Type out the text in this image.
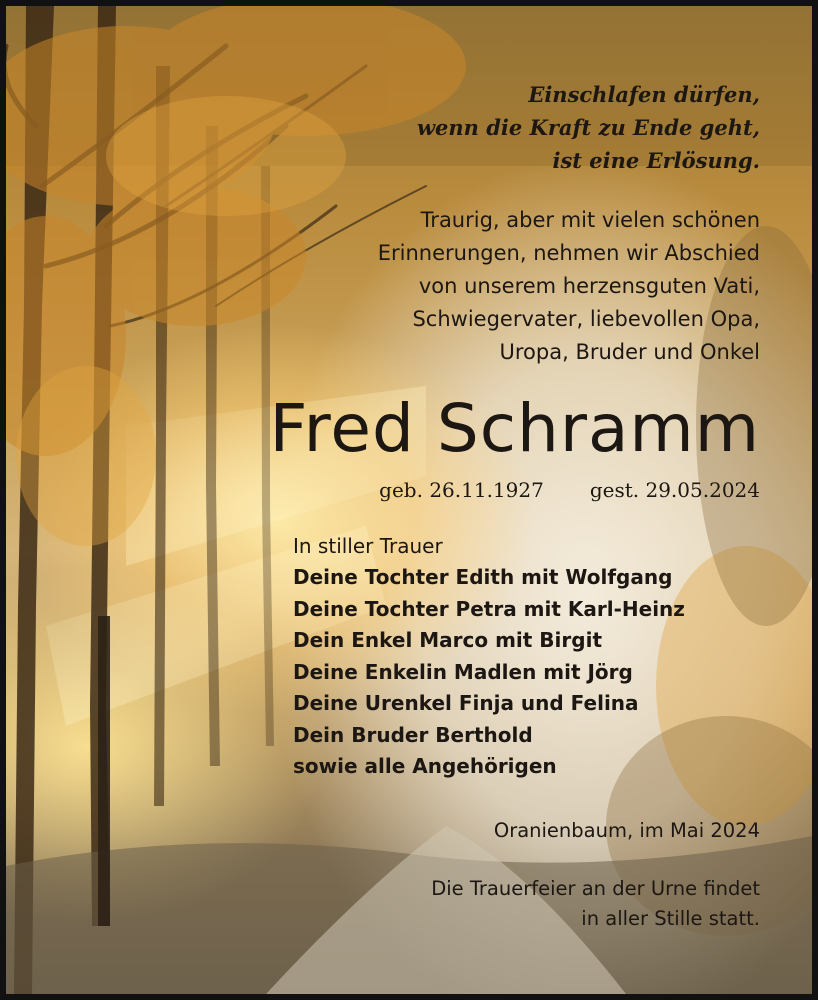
Einschlafen dürfen,
wenn die Kraft zu Ende geht,
ist eine Erlösung.
Traurig, aber mit vielen schönen
Erinnerungen, nehmen wir Abschied
von unserem herzensguten Vati,
Schwiegervater, liebevollen Opa,
Uropa, Bruder und Onkel
Fred Schramm
geb. 26.11.1927 gest. 29.05.2024
In stiller Trauer
Deine Tochter Edith mit Wolfgang
Deine Tochter Petra mit Karl-Heinz
Dein Enkel Marco mit Birgit
Deine Enkelin Madlen mit Jörg
Deine Urenkel Finja und Felina
Dein Bruder Berthold
sowie alle Angehörigen
Oranienbaum, im Mai 2024
Die Trauerfeier an der Urne findet
in aller Stille statt.
